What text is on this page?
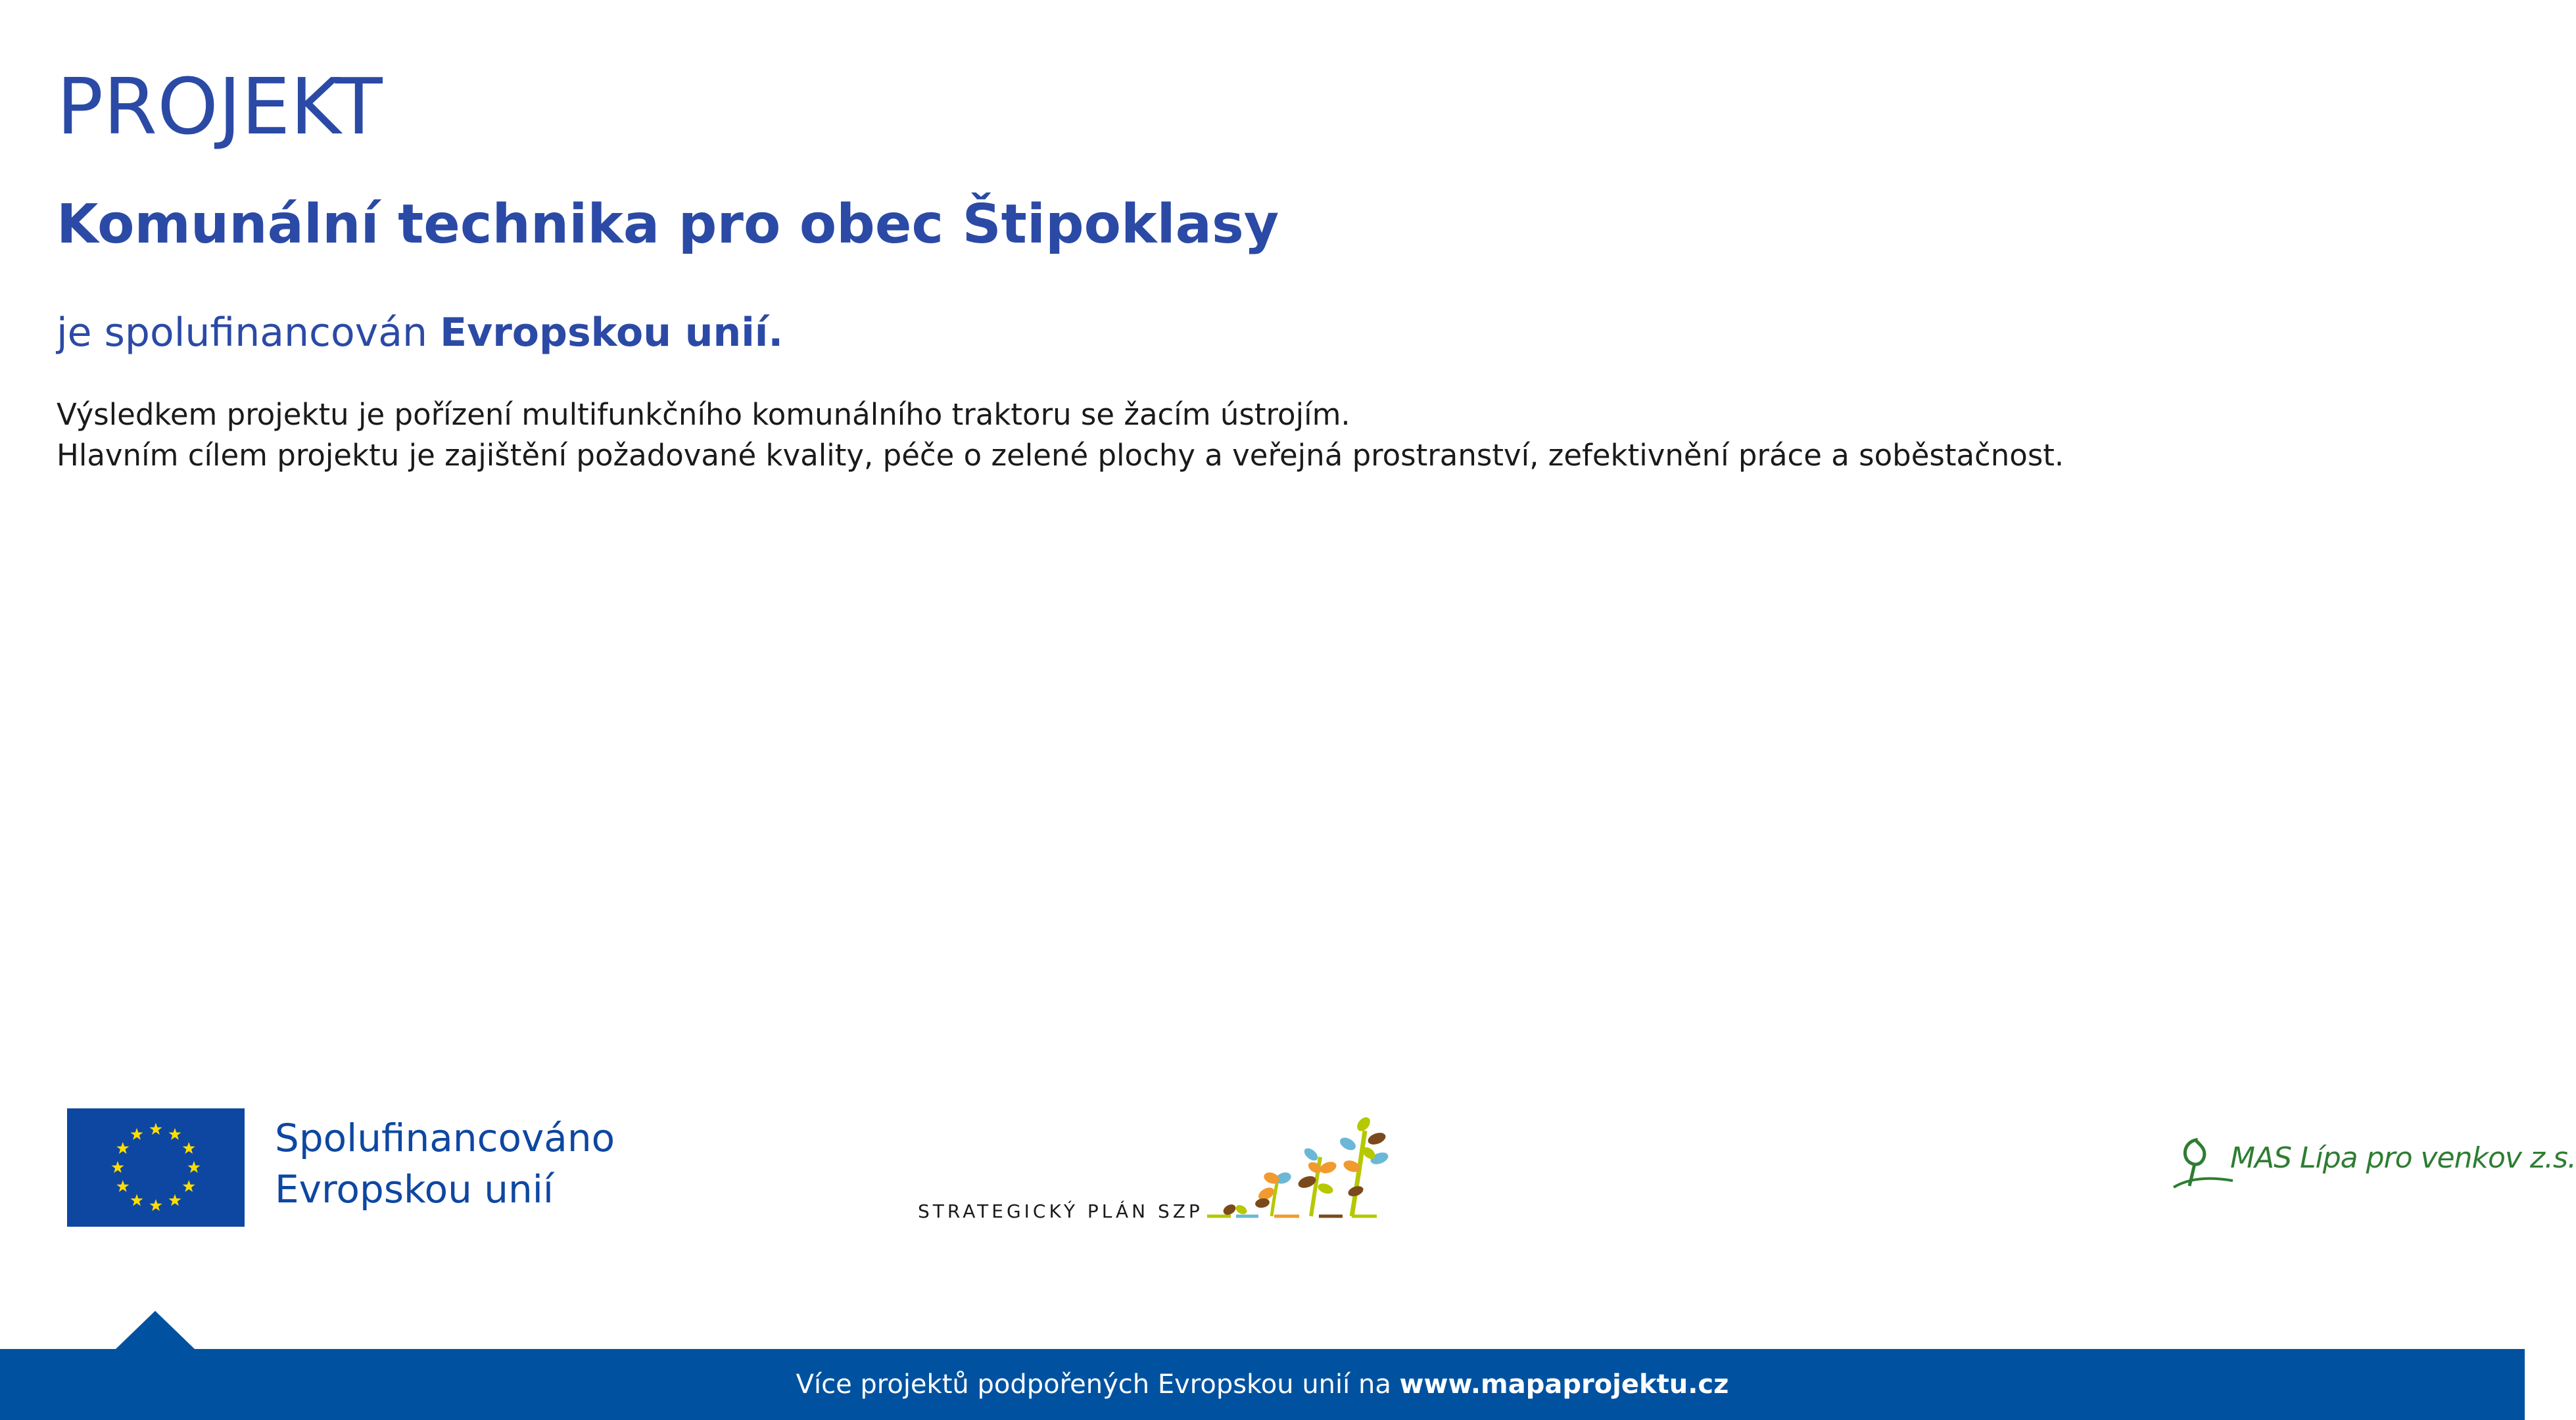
PROJEKT
Komunální technika pro obec Štipoklasy
je spolufinancován Evropskou unií.
Výsledkem projektu je pořízení multifunkčního komunálního traktoru se žacím ústrojím.
Hlavním cílem projektu je zajištění požadované kvality, péče o zelené plochy a veřejná prostranství, zefektivnění práce a soběstačnost.
Spolufinancováno
Evropskou unií	STRATEGICKÝ PLÁN SZP
MAS Lípa pro venkov z.s.
Více projektů podpořených Evropskou unií na www.mapaprojektu.cz
